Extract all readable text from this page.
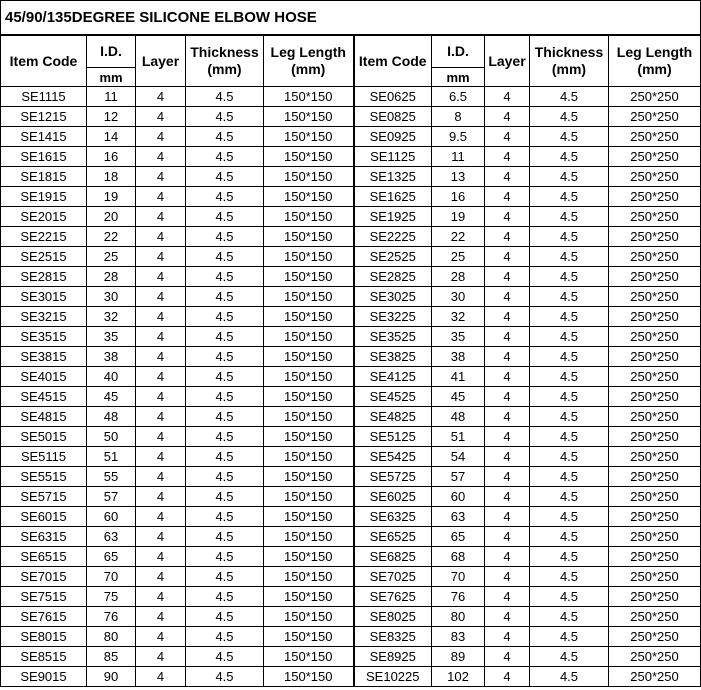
45/90/135DEGREE SILICONE ELBOW HOSE									
Item Code	I.D.	Layer	Thickness (mm)	Leg Length (mm)	Item Code	I.D.	Layer	Thickness (mm)	Leg Length (mm)
	mm					mm			
SE1115	11	4	4.5	150*150	SE0625	6.5	4	4.5	250*250
SE1215	12	4	4.5	150*150	SE0825	8	4	4.5	250*250
SE1415	14	4	4.5	150*150	SE0925	9.5	4	4.5	250*250
SE1615	16	4	4.5	150*150	SE1125	11	4	4.5	250*250
SE1815	18	4	4.5	150*150	SE1325	13	4	4.5	250*250
SE1915	19	4	4.5	150*150	SE1625	16	4	4.5	250*250
SE2015	20	4	4.5	150*150	SE1925	19	4	4.5	250*250
SE2215	22	4	4.5	150*150	SE2225	22	4	4.5	250*250
SE2515	25	4	4.5	150*150	SE2525	25	4	4.5	250*250
SE2815	28	4	4.5	150*150	SE2825	28	4	4.5	250*250
SE3015	30	4	4.5	150*150	SE3025	30	4	4.5	250*250
SE3215	32	4	4.5	150*150	SE3225	32	4	4.5	250*250
SE3515	35	4	4.5	150*150	SE3525	35	4	4.5	250*250
SE3815	38	4	4.5	150*150	SE3825	38	4	4.5	250*250
SE4015	40	4	4.5	150*150	SE4125	41	4	4.5	250*250
SE4515	45	4	4.5	150*150	SE4525	45	4	4.5	250*250
SE4815	48	4	4.5	150*150	SE4825	48	4	4.5	250*250
SE5015	50	4	4.5	150*150	SE5125	51	4	4.5	250*250
SE5115	51	4	4.5	150*150	SE5425	54	4	4.5	250*250
SE5515	55	4	4.5	150*150	SE5725	57	4	4.5	250*250
SE5715	57	4	4.5	150*150	SE6025	60	4	4.5	250*250
SE6015	60	4	4.5	150*150	SE6325	63	4	4.5	250*250
SE6315	63	4	4.5	150*150	SE6525	65	4	4.5	250*250
SE6515	65	4	4.5	150*150	SE6825	68	4	4.5	250*250
SE7015	70	4	4.5	150*150	SE7025	70	4	4.5	250*250
SE7515	75	4	4.5	150*150	SE7625	76	4	4.5	250*250
SE7615	76	4	4.5	150*150	SE8025	80	4	4.5	250*250
SE8015	80	4	4.5	150*150	SE8325	83	4	4.5	250*250
SE8515	85	4	4.5	150*150	SE8925	89	4	4.5	250*250
SE9015	90	4	4.5	150*150	SE10225	102	4	4.5	250*250
